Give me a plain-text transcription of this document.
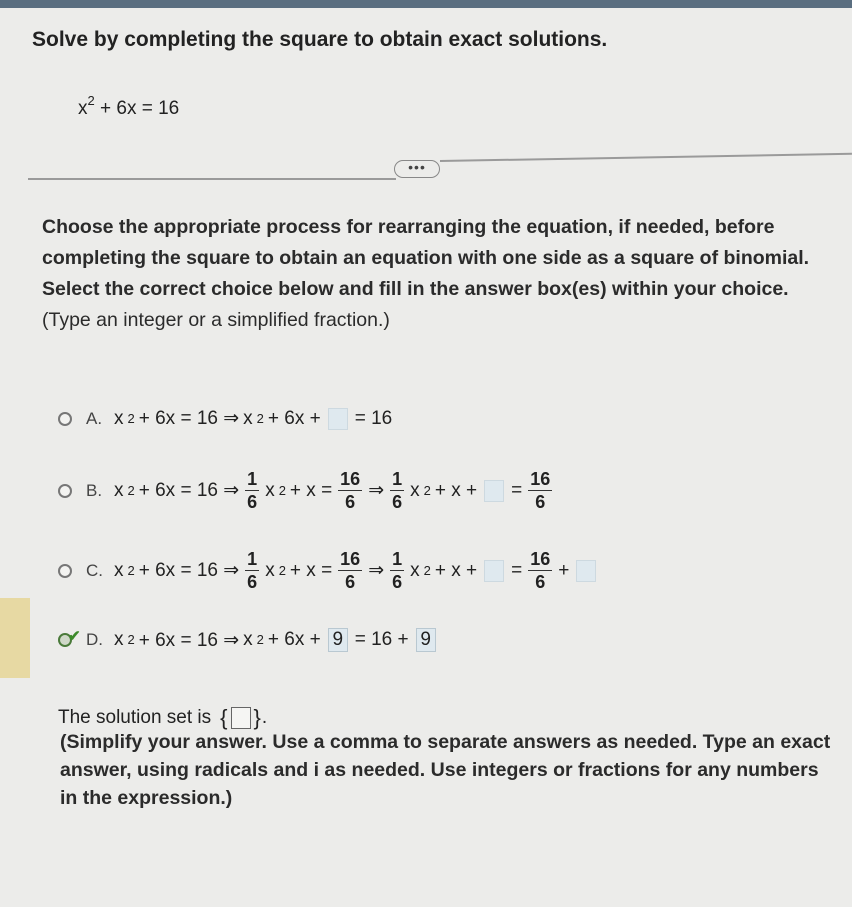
Solve by completing the square to obtain exact solutions.
$x^2 + 6x = 16$
•••
Choose the appropriate process for rearranging the equation, if needed, before completing the square to obtain an equation with one side as a square of binomial. Select the correct choice below and fill in the answer box(es) within your choice.
(Type an integer or a simplified fraction.)
A. x 2 + 6x = 16 ⇒ x 2 + 6x + = 16
B. x 2 + 6x = 16 ⇒ $\frac{1}{6}$ x $2 + x = \frac{16}{6}$ ⇒ $\frac{1}{6}$ x 2 + x + = $\frac{16}{6}$
C. x 2 + 6x = 16 ⇒ $\frac{1}{6}$ x $2 + x = \frac{16}{6}$ ⇒ $\frac{1}{6}$ x 2 + x + = $\frac{16}{6}$ +
✔ D. x 2 + 6x = 16 ⇒ x 2 + 6x + 9 = 16 + 9
The solution set is { } .
(Simplify your answer. Use a comma to separate answers as needed. Type an exact answer, using radicals and i as needed. Use integers or fractions for any numbers in the expression.)
